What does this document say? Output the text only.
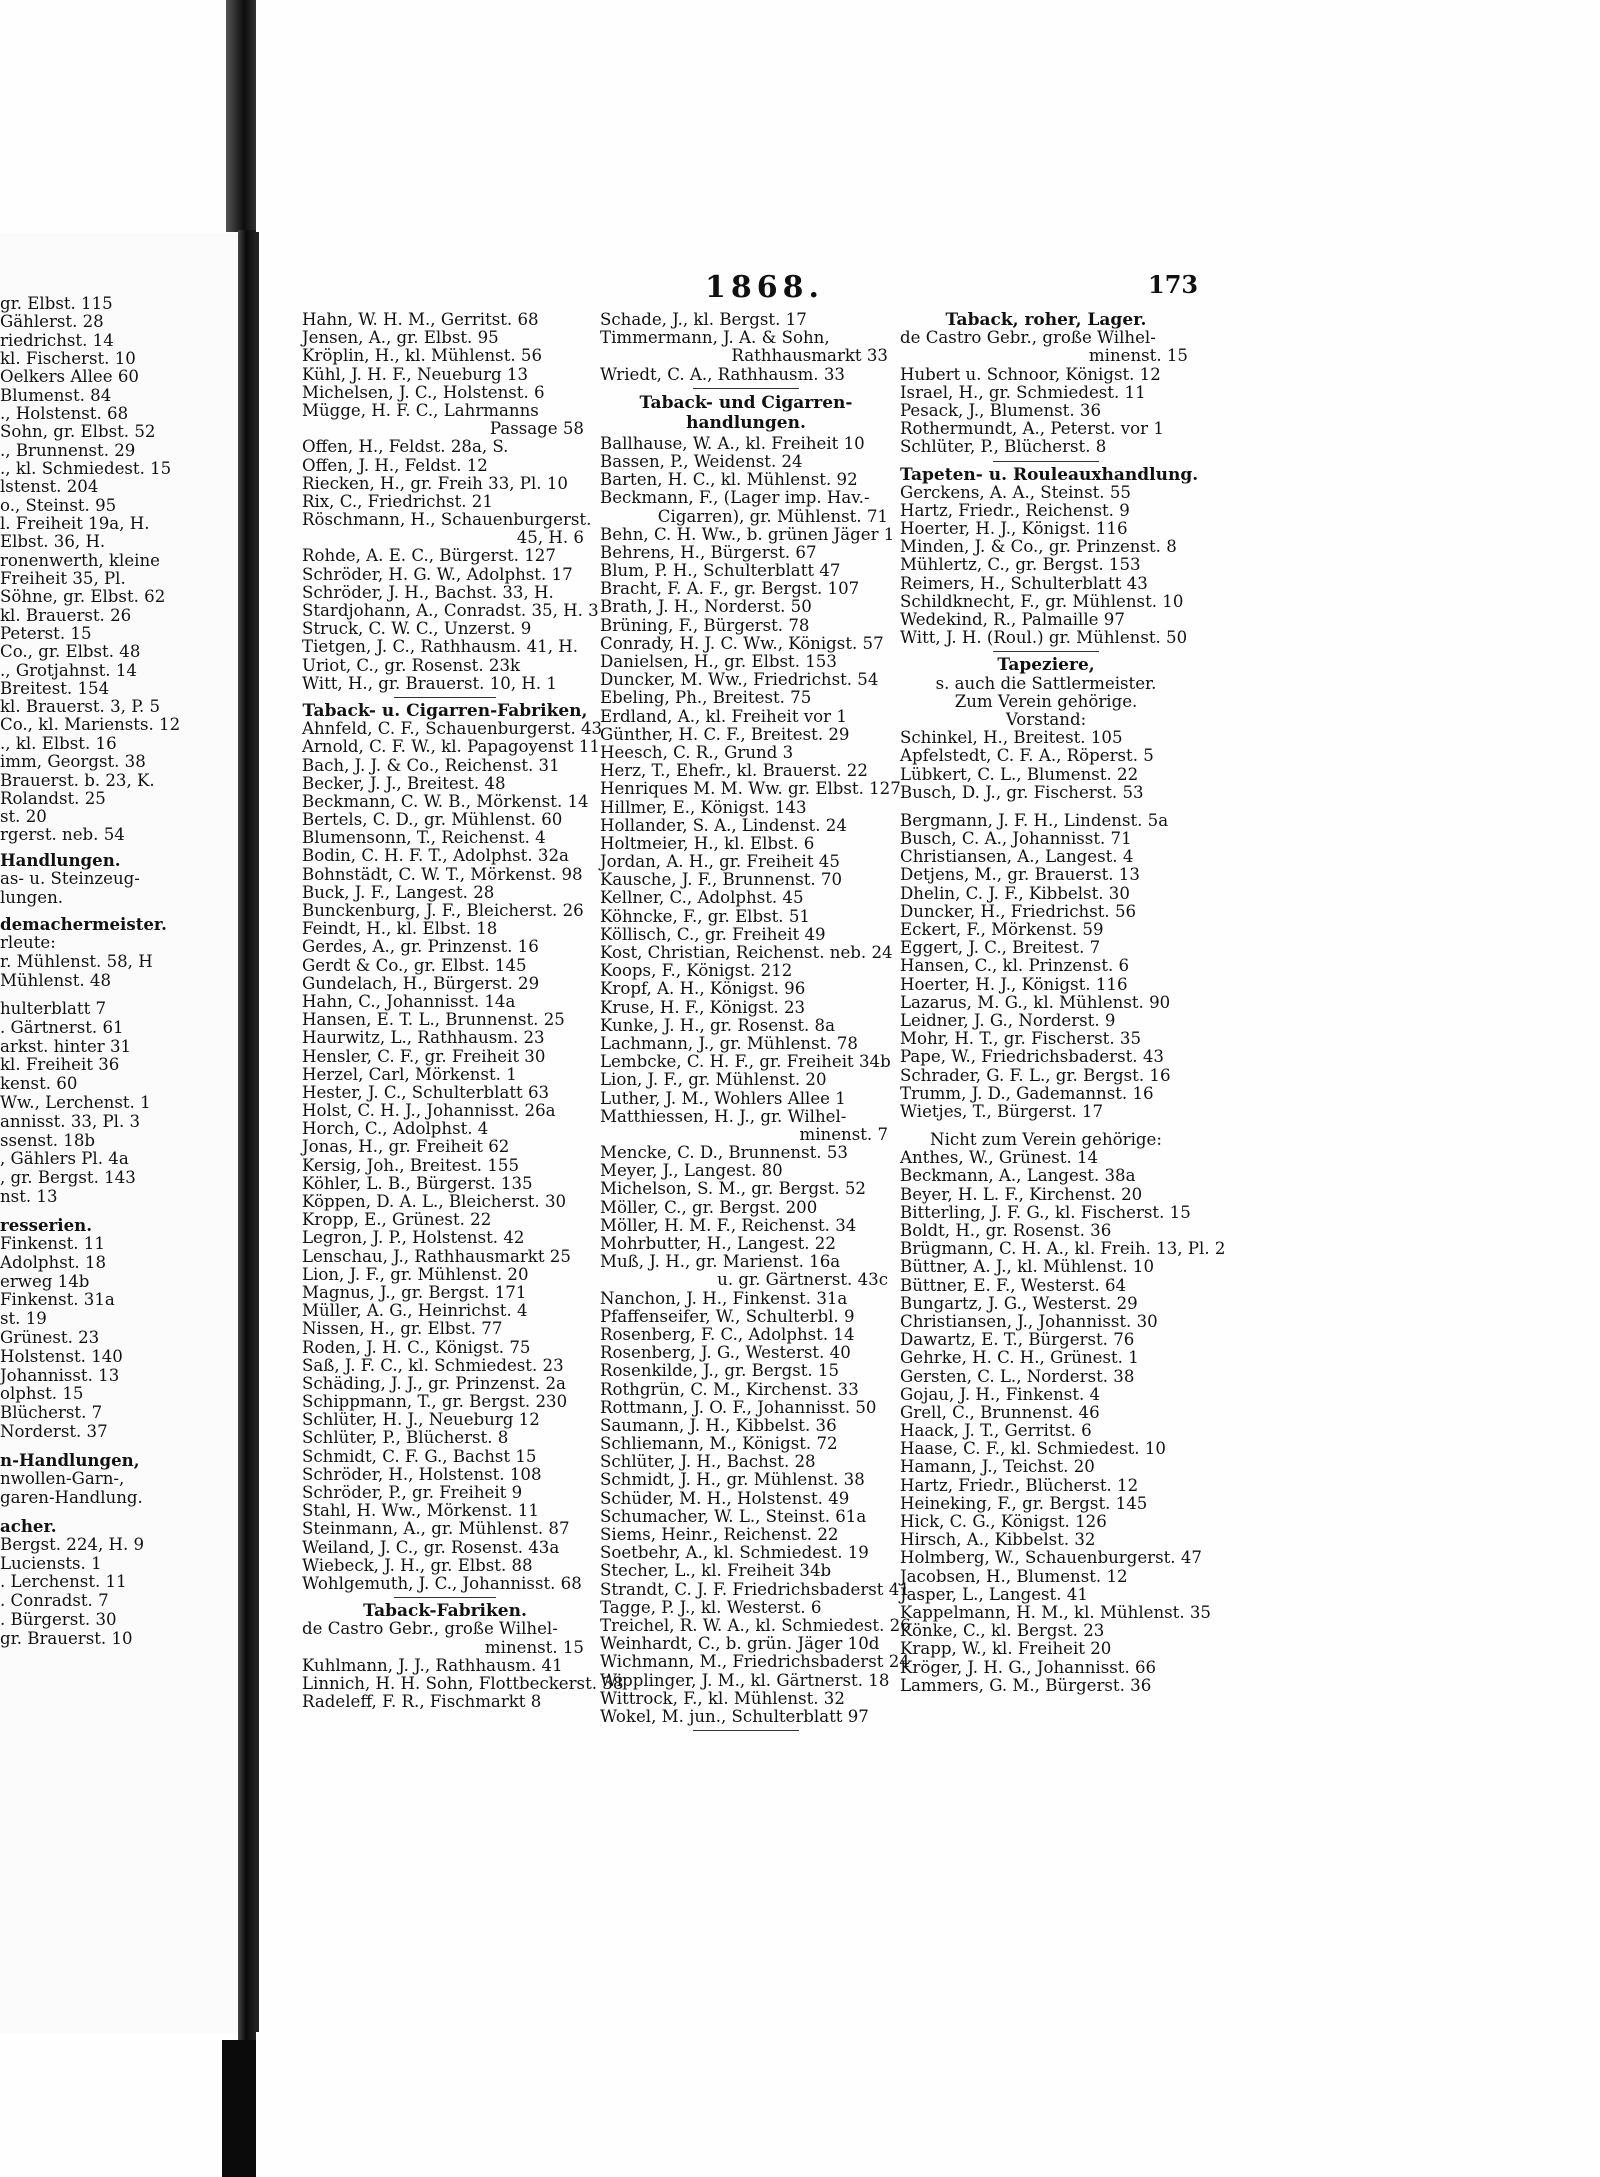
gr. Elbst. 115
Gählerst. 28
riedrichst. 14
kl. Fischerst. 10
Oelkers Allee 60
Blumenst. 84
., Holstenst. 68
Sohn, gr. Elbst. 52
., Brunnenst. 29
., kl. Schmiedest. 15
lstenst. 204
o., Steinst. 95
l. Freiheit 19a, H.
Elbst. 36, H.
ronenwerth, kleine
Freiheit 35, Pl.
Söhne, gr. Elbst. 62
kl. Brauerst. 26
Peterst. 15
Co., gr. Elbst. 48
., Grotjahnst. 14
Breitest. 154
kl. Brauerst. 3, P. 5
Co., kl. Mariensts. 12
., kl. Elbst. 16
imm, Georgst. 38
Brauerst. b. 23, K.
Rolandst. 25
st. 20
rgerst. neb. 54
Handlungen.
as- u. Steinzeug-
lungen.
demachermeister.
rleute:
r. Mühlenst. 58, H
Mühlenst. 48
hulterblatt 7
. Gärtnerst. 61
arkst. hinter 31
kl. Freiheit 36
kenst. 60
Ww., Lerchenst. 1
annisst. 33, Pl. 3
ssenst. 18b
, Gählers Pl. 4a
, gr. Bergst. 143
nst. 13
resserien.
Finkenst. 11
Adolphst. 18
erweg 14b
Finkenst. 31a
st. 19
Grünest. 23
Holstenst. 140
Johannisst. 13
olphst. 15
Blücherst. 7
Norderst. 37
n-Handlungen,
nwollen-Garn-,
garen-Handlung.
acher.
Bergst. 224, H. 9
Luciensts. 1
. Lerchenst. 11
. Conradst. 7
. Bürgerst. 30
gr. Brauerst. 10
1868.	173
Hahn, W. H. M., Gerritst. 68
Jensen, A., gr. Elbst. 95
Kröplin, H., kl. Mühlenst. 56
Kühl, J. H. F., Neueburg 13
Michelsen, J. C., Holstenst. 6
Mügge, H. F. C., Lahrmanns
Passage 58
Offen, H., Feldst. 28a, S.
Offen, J. H., Feldst. 12
Riecken, H., gr. Freih 33, Pl. 10
Rix, C., Friedrichst. 21
Röschmann, H., Schauenburgerst.
45, H. 6
Rohde, A. E. C., Bürgerst. 127
Schröder, H. G. W., Adolphst. 17
Schröder, J. H., Bachst. 33, H.
Stardjohann, A., Conradst. 35, H. 3
Struck, C. W. C., Unzerst. 9
Tietgen, J. C., Rathhausm. 41, H.
Uriot, C., gr. Rosenst. 23k
Witt, H., gr. Brauerst. 10, H. 1
Taback- u. Cigarren-Fabriken,
Ahnfeld, C. F., Schauenburgerst. 43
Arnold, C. F. W., kl. Papagoyenst 11
Bach, J. J. & Co., Reichenst. 31
Becker, J. J., Breitest. 48
Beckmann, C. W. B., Mörkenst. 14
Bertels, C. D., gr. Mühlenst. 60
Blumensonn, T., Reichenst. 4
Bodin, C. H. F. T., Adolphst. 32a
Bohnstädt, C. W. T., Mörkenst. 98
Buck, J. F., Langest. 28
Bunckenburg, J. F., Bleicherst. 26
Feindt, H., kl. Elbst. 18
Gerdes, A., gr. Prinzenst. 16
Gerdt & Co., gr. Elbst. 145
Gundelach, H., Bürgerst. 29
Hahn, C., Johannisst. 14a
Hansen, E. T. L., Brunnenst. 25
Haurwitz, L., Rathhausm. 23
Hensler, C. F., gr. Freiheit 30
Herzel, Carl, Mörkenst. 1
Hester, J. C., Schulterblatt 63
Holst, C. H. J., Johannisst. 26a
Horch, C., Adolphst. 4
Jonas, H., gr. Freiheit 62
Kersig, Joh., Breitest. 155
Köhler, L. B., Bürgerst. 135
Köppen, D. A. L., Bleicherst. 30
Kropp, E., Grünest. 22
Legron, J. P., Holstenst. 42
Lenschau, J., Rathhausmarkt 25
Lion, J. F., gr. Mühlenst. 20
Magnus, J., gr. Bergst. 171
Müller, A. G., Heinrichst. 4
Nissen, H., gr. Elbst. 77
Roden, J. H. C., Königst. 75
Saß, J. F. C., kl. Schmiedest. 23
Schäding, J. J., gr. Prinzenst. 2a
Schippmann, T., gr. Bergst. 230
Schlüter, H. J., Neueburg 12
Schlüter, P., Blücherst. 8
Schmidt, C. F. G., Bachst 15
Schröder, H., Holstenst. 108
Schröder, P., gr. Freiheit 9
Stahl, H. Ww., Mörkenst. 11
Steinmann, A., gr. Mühlenst. 87
Weiland, J. C., gr. Rosenst. 43a
Wiebeck, J. H., gr. Elbst. 88
Wohlgemuth, J. C., Johannisst. 68
Taback-Fabriken.
de Castro Gebr., große Wilhel-
minenst. 15
Kuhlmann, J. J., Rathhausm. 41
Linnich, H. H. Sohn, Flottbeckerst. 38
Radeleff, F. R., Fischmarkt 8
Schade, J., kl. Bergst. 17
Timmermann, J. A. & Sohn,
Rathhausmarkt 33
Wriedt, C. A., Rathhausm. 33
Taback- und Cigarren-handlungen.
Ballhause, W. A., kl. Freiheit 10
Bassen, P., Weidenst. 24
Barten, H. C., kl. Mühlenst. 92
Beckmann, F., (Lager imp. Hav.-
Cigarren), gr. Mühlenst. 71
Behn, C. H. Ww., b. grünen Jäger 1
Behrens, H., Bürgerst. 67
Blum, P. H., Schulterblatt 47
Bracht, F. A. F., gr. Bergst. 107
Brath, J. H., Norderst. 50
Brüning, F., Bürgerst. 78
Conrady, H. J. C. Ww., Königst. 57
Danielsen, H., gr. Elbst. 153
Duncker, M. Ww., Friedrichst. 54
Ebeling, Ph., Breitest. 75
Erdland, A., kl. Freiheit vor 1
Günther, H. C. F., Breitest. 29
Heesch, C. R., Grund 3
Herz, T., Ehefr., kl. Brauerst. 22
Henriques M. M. Ww. gr. Elbst. 127
Hillmer, E., Königst. 143
Hollander, S. A., Lindenst. 24
Holtmeier, H., kl. Elbst. 6
Jordan, A. H., gr. Freiheit 45
Kausche, J. F., Brunnenst. 70
Kellner, C., Adolphst. 45
Köhncke, F., gr. Elbst. 51
Köllisch, C., gr. Freiheit 49
Kost, Christian, Reichenst. neb. 24
Koops, F., Königst. 212
Kropf, A. H., Königst. 96
Kruse, H. F., Königst. 23
Kunke, J. H., gr. Rosenst. 8a
Lachmann, J., gr. Mühlenst. 78
Lembcke, C. H. F., gr. Freiheit 34b
Lion, J. F., gr. Mühlenst. 20
Luther, J. M., Wohlers Allee 1
Matthiessen, H. J., gr. Wilhel-
minenst. 7
Mencke, C. D., Brunnenst. 53
Meyer, J., Langest. 80
Michelson, S. M., gr. Bergst. 52
Möller, C., gr. Bergst. 200
Möller, H. M. F., Reichenst. 34
Mohrbutter, H., Langest. 22
Muß, J. H., gr. Marienst. 16a
u. gr. Gärtnerst. 43c
Nanchon, J. H., Finkenst. 31a
Pfaffenseifer, W., Schulterbl. 9
Rosenberg, F. C., Adolphst. 14
Rosenberg, J. G., Westerst. 40
Rosenkilde, J., gr. Bergst. 15
Rothgrün, C. M., Kirchenst. 33
Rottmann, J. O. F., Johannisst. 50
Saumann, J. H., Kibbelst. 36
Schliemann, M., Königst. 72
Schlüter, J. H., Bachst. 28
Schmidt, J. H., gr. Mühlenst. 38
Schüder, M. H., Holstenst. 49
Schumacher, W. L., Steinst. 61a
Siems, Heinr., Reichenst. 22
Soetbehr, A., kl. Schmiedest. 19
Stecher, L., kl. Freiheit 34b
Strandt, C. J. F. Friedrichsbaderst 41
Tagge, P. J., kl. Westerst. 6
Treichel, R. W. A., kl. Schmiedest. 26
Weinhardt, C., b. grün. Jäger 10d
Wichmann, M., Friedrichsbaderst 24
Wipplinger, J. M., kl. Gärtnerst. 18
Wittrock, F., kl. Mühlenst. 32
Wokel, M. jun., Schulterblatt 97
Taback, roher, Lager.
de Castro Gebr., große Wilhel-
minenst. 15
Hubert u. Schnoor, Königst. 12
Israel, H., gr. Schmiedest. 11
Pesack, J., Blumenst. 36
Rothermundt, A., Peterst. vor 1
Schlüter, P., Blücherst. 8
Tapeten- u. Rouleauxhandlung.
Gerckens, A. A., Steinst. 55
Hartz, Friedr., Reichenst. 9
Hoerter, H. J., Königst. 116
Minden, J. & Co., gr. Prinzenst. 8
Mühlertz, C., gr. Bergst. 153
Reimers, H., Schulterblatt 43
Schildknecht, F., gr. Mühlenst. 10
Wedekind, R., Palmaille 97
Witt, J. H. (Roul.) gr. Mühlenst. 50
Tapeziere,
s. auch die Sattlermeister.
Zum Verein gehörige.
Vorstand:
Schinkel, H., Breitest. 105
Apfelstedt, C. F. A., Röperst. 5
Lübkert, C. L., Blumenst. 22
Busch, D. J., gr. Fischerst. 53
Bergmann, J. F. H., Lindenst. 5a
Busch, C. A., Johannisst. 71
Christiansen, A., Langest. 4
Detjens, M., gr. Brauerst. 13
Dhelin, C. J. F., Kibbelst. 30
Duncker, H., Friedrichst. 56
Eckert, F., Mörkenst. 59
Eggert, J. C., Breitest. 7
Hansen, C., kl. Prinzenst. 6
Hoerter, H. J., Königst. 116
Lazarus, M. G., kl. Mühlenst. 90
Leidner, J. G., Norderst. 9
Mohr, H. T., gr. Fischerst. 35
Pape, W., Friedrichsbaderst. 43
Schrader, G. F. L., gr. Bergst. 16
Trumm, J. D., Gademannst. 16
Wietjes, T., Bürgerst. 17
Nicht zum Verein gehörige:
Anthes, W., Grünest. 14
Beckmann, A., Langest. 38a
Beyer, H. L. F., Kirchenst. 20
Bitterling, J. F. G., kl. Fischerst. 15
Boldt, H., gr. Rosenst. 36
Brügmann, C. H. A., kl. Freih. 13, Pl. 2
Büttner, A. J., kl. Mühlenst. 10
Büttner, E. F., Westerst. 64
Bungartz, J. G., Westerst. 29
Christiansen, J., Johannisst. 30
Dawartz, E. T., Bürgerst. 76
Gehrke, H. C. H., Grünest. 1
Gersten, C. L., Norderst. 38
Gojau, J. H., Finkenst. 4
Grell, C., Brunnenst. 46
Haack, J. T., Gerritst. 6
Haase, C. F., kl. Schmiedest. 10
Hamann, J., Teichst. 20
Hartz, Friedr., Blücherst. 12
Heineking, F., gr. Bergst. 145
Hick, C. G., Königst. 126
Hirsch, A., Kibbelst. 32
Holmberg, W., Schauenburgerst. 47
Jacobsen, H., Blumenst. 12
Jasper, L., Langest. 41
Kappelmann, H. M., kl. Mühlenst. 35
Könke, C., kl. Bergst. 23
Krapp, W., kl. Freiheit 20
Kröger, J. H. G., Johannisst. 66
Lammers, G. M., Bürgerst. 36
